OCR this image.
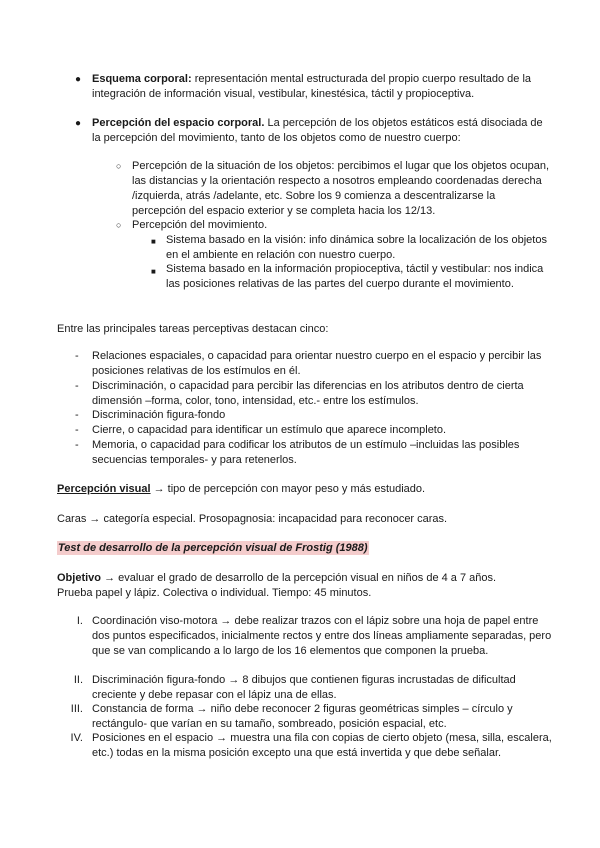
● Esquema corporal: representación mental estructurada del propio cuerpo resultado de la integración de información visual, vestibular, kinestésica, táctil y propioceptiva.

● Percepción del espacio corporal. La percepción de los objetos estáticos está disociada de la percepción del movimiento, tanto de los objetos como de nuestro cuerpo:

○ Percepción de la situación de los objetos: percibimos el lugar que los objetos ocupan, las distancias y la orientación respecto a nosotros empleando coordenadas derecha /izquierda, atrás /adelante, etc. Sobre los 9 comienza a descentralizarse la percepción del espacio exterior y se completa hacia los 12/13.

○ Percepción del movimiento.

■ Sistema basado en la visión: info dinámica sobre la localización de los objetos en el ambiente en relación con nuestro cuerpo.

■ Sistema basado en la información propioceptiva, táctil y vestibular: nos indica las posiciones relativas de las partes del cuerpo durante el movimiento.

Entre las principales tareas perceptivas destacan cinco:

- Relaciones espaciales, o capacidad para orientar nuestro cuerpo en el espacio y percibir las posiciones relativas de los estímulos en él.

- Discriminación, o capacidad para percibir las diferencias en los atributos dentro de cierta dimensión –forma, color, tono, intensidad, etc.- entre los estímulos.

- Discriminación figura-fondo

- Cierre, o capacidad para identificar un estímulo que aparece incompleto.

- Memoria, o capacidad para codificar los atributos de un estímulo –incluidas las posibles secuencias temporales- y para retenerlos.

Percepción visual → tipo de percepción con mayor peso y más estudiado.

Caras → categoría especial. Prosopagnosia: incapacidad para reconocer caras.

Test de desarrollo de la percepción visual de Frostig (1988)

Objetivo → evaluar el grado de desarrollo de la percepción visual en niños de 4 a 7 años.

Prueba papel y lápiz. Colectiva o individual. Tiempo: 45 minutos.

I. Coordinación viso-motora → debe realizar trazos con el lápiz sobre una hoja de papel entre dos puntos especificados, inicialmente rectos y entre dos líneas ampliamente separadas, pero que se van complicando a lo largo de los 16 elementos que componen la prueba.

II. Discriminación figura-fondo → 8 dibujos que contienen figuras incrustadas de dificultad creciente y debe repasar con el lápiz una de ellas.

III. Constancia de forma → niño debe reconocer 2 figuras geométricas simples – círculo y rectángulo- que varían en su tamaño, sombreado, posición espacial, etc.

IV. Posiciones en el espacio → muestra una fila con copias de cierto objeto (mesa, silla, escalera, etc.) todas en la misma posición excepto una que está invertida y que debe señalar.
